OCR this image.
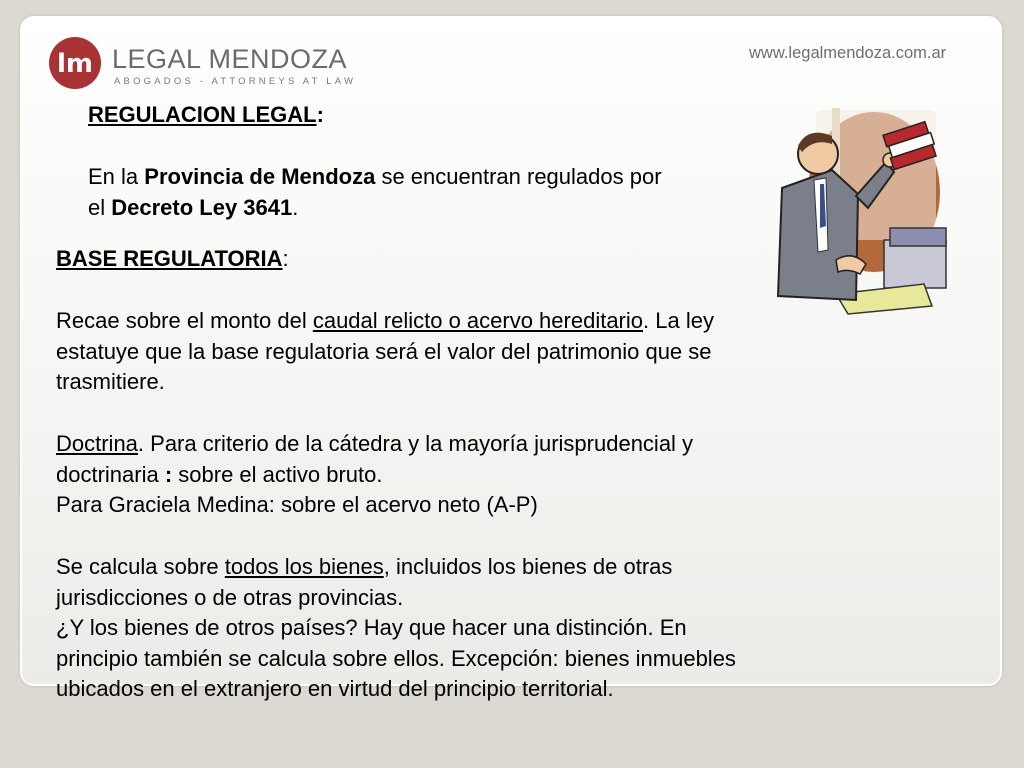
lm LEGAL MENDOZA
ABOGADOS - ATTORNEYS AT LAW
www.legalmendoza.com.ar

REGULACION LEGAL:

En la Provincia de Mendoza se encuentran regulados por
el Decreto Ley 3641.

BASE REGULATORIA:

Recae sobre el monto del caudal relicto o acervo hereditario. La ley
estatuye que la base regulatoria será el valor del patrimonio que se
trasmitiere.

Doctrina. Para criterio de la cátedra y la mayoría jurisprudencial y
doctrinaria : sobre el activo bruto.
Para Graciela Medina: sobre el acervo neto (A-P)

Se calcula sobre todos los bienes, incluidos los bienes de otras
jurisdicciones o de otras provincias.
¿Y los bienes de otros países? Hay que hacer una distinción. En
principio también se calcula sobre ellos. Excepción: bienes inmuebles
ubicados en el extranjero en virtud del principio territorial.
